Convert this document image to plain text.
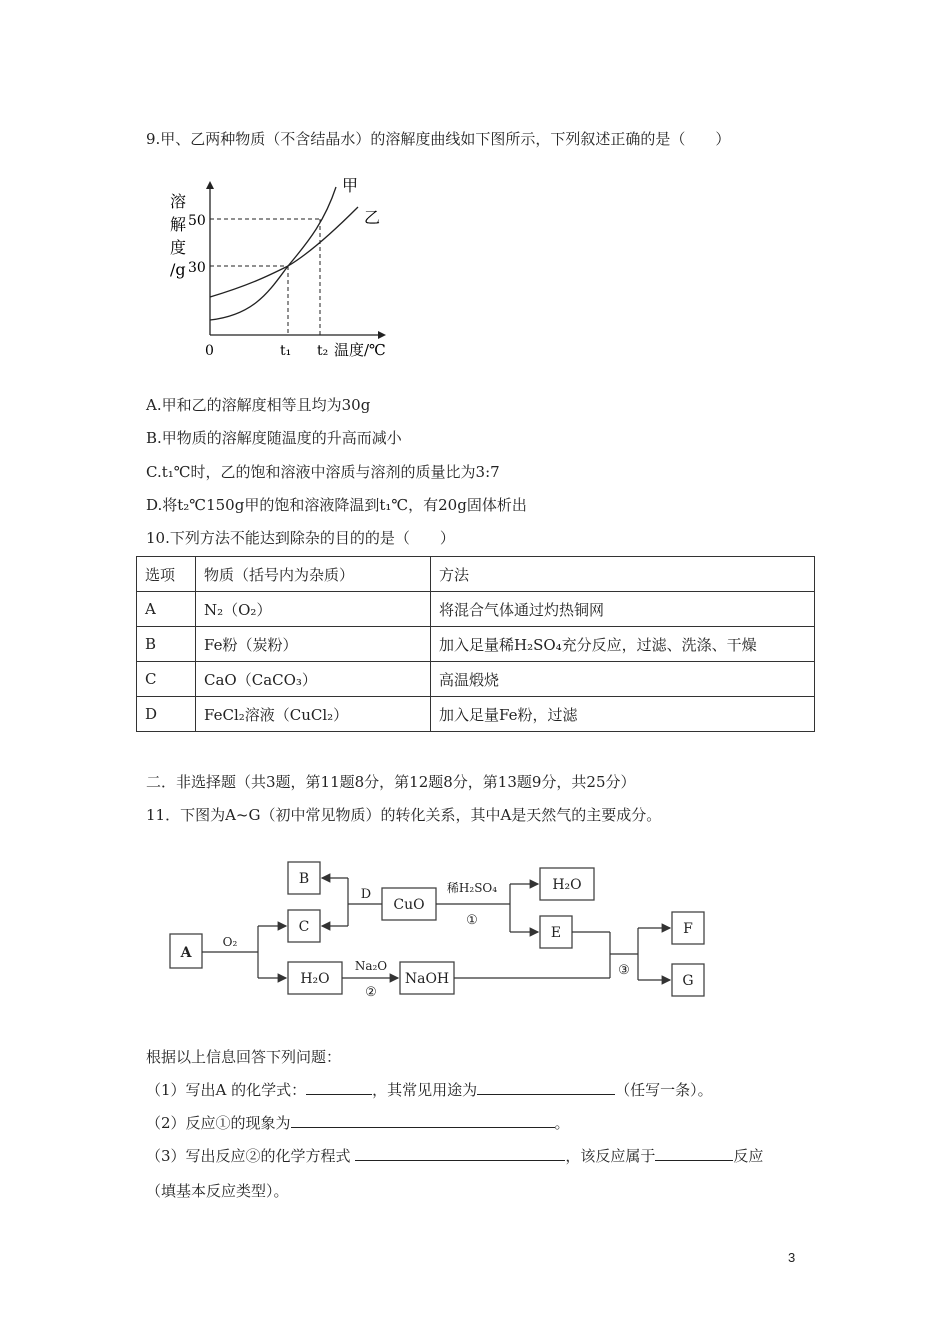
9.甲、乙两种物质（不含结晶水）的溶解度曲线如下图所示，下列叙述正确的是（　　）
溶
解
度
/g
50
30
0	t₁ t₂ 温度/℃
甲
乙
A.甲和乙的溶解度相等且均为30g
B.甲物质的溶解度随温度的升高而减小
C.t₁℃时，乙的饱和溶液中溶质与溶剂的质量比为3:7
D.将t₂℃150g甲的饱和溶液降温到t₁℃，有20g固体析出
10.下列方法不能达到除杂的目的的是（　　）
选项	物质（括号内为杂质）	方法
A	N₂（O₂）	将混合气体通过灼热铜网
B	Fe粉（炭粉）	加入足量稀H₂SO₄充分反应，过滤、洗涤、干燥
C	CaO（CaCO₃）	高温煅烧
D	FeCl₂溶液（CuCl₂）	加入足量Fe粉，过滤
二．非选择题（共3题，第11题8分，第12题8分，第13题9分，共25分）
11．下图为A~G（初中常见物质）的转化关系，其中A是天然气的主要成分。
A
B
C
H₂O
CuO
H₂O
E
NaOH
F
G
O₂
D	稀H₂SO₄
①
Na₂O
②
③
根据以上信息回答下列问题：
（1）写出A 的化学式：	，其常见用途为	（任写一条）。
（2）反应①的现象为	。
（3）写出反应②的化学方程式	，该反应属于	反应
（填基本反应类型）。
3
